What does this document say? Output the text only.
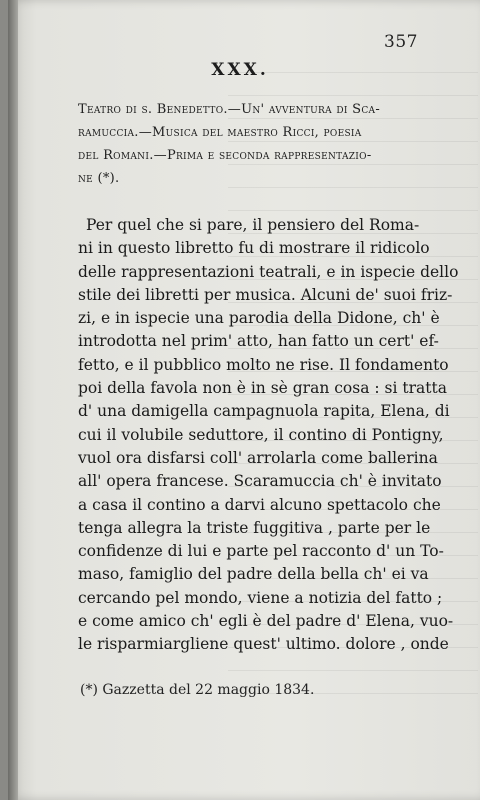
357
XXX.
Teatro di s. Benedetto.—Un' avventura di Sca-
ramuccia.—Musica del maestro Ricci, poesia
del Romani.—Prima e seconda rappresentazio-
ne (*).
Per quel che si pare, il pensiero del Roma-
ni in questo libretto fu di mostrare il ridicolo
delle rappresentazioni teatrali, e in ispecie dello
stile dei libretti per musica. Alcuni de' suoi friz-
zi, e in ispecie una parodia della Didone, ch' è
introdotta nel prim' atto, han fatto un cert' ef-
fetto, e il pubblico molto ne rise. Il fondamento
poi della favola non è in sè gran cosa : si tratta
d' una damigella campagnuola rapita, Elena, di
cui il volubile seduttore, il contino di Pontigny,
vuol ora disfarsi coll' arrolarla come ballerina
all' opera francese. Scaramuccia ch' è invitato
a casa il contino a darvi alcuno spettacolo che
tenga allegra la triste fuggitiva , parte per le
confidenze di lui e parte pel racconto d' un To-
maso, famiglio del padre della bella ch' ei va
cercando pel mondo, viene a notizia del fatto ;
e come amico ch' egli è del padre d' Elena, vuo-
le risparmiargliene quest' ultimo. dolore , onde
(*) Gazzetta del 22 maggio 1834.
